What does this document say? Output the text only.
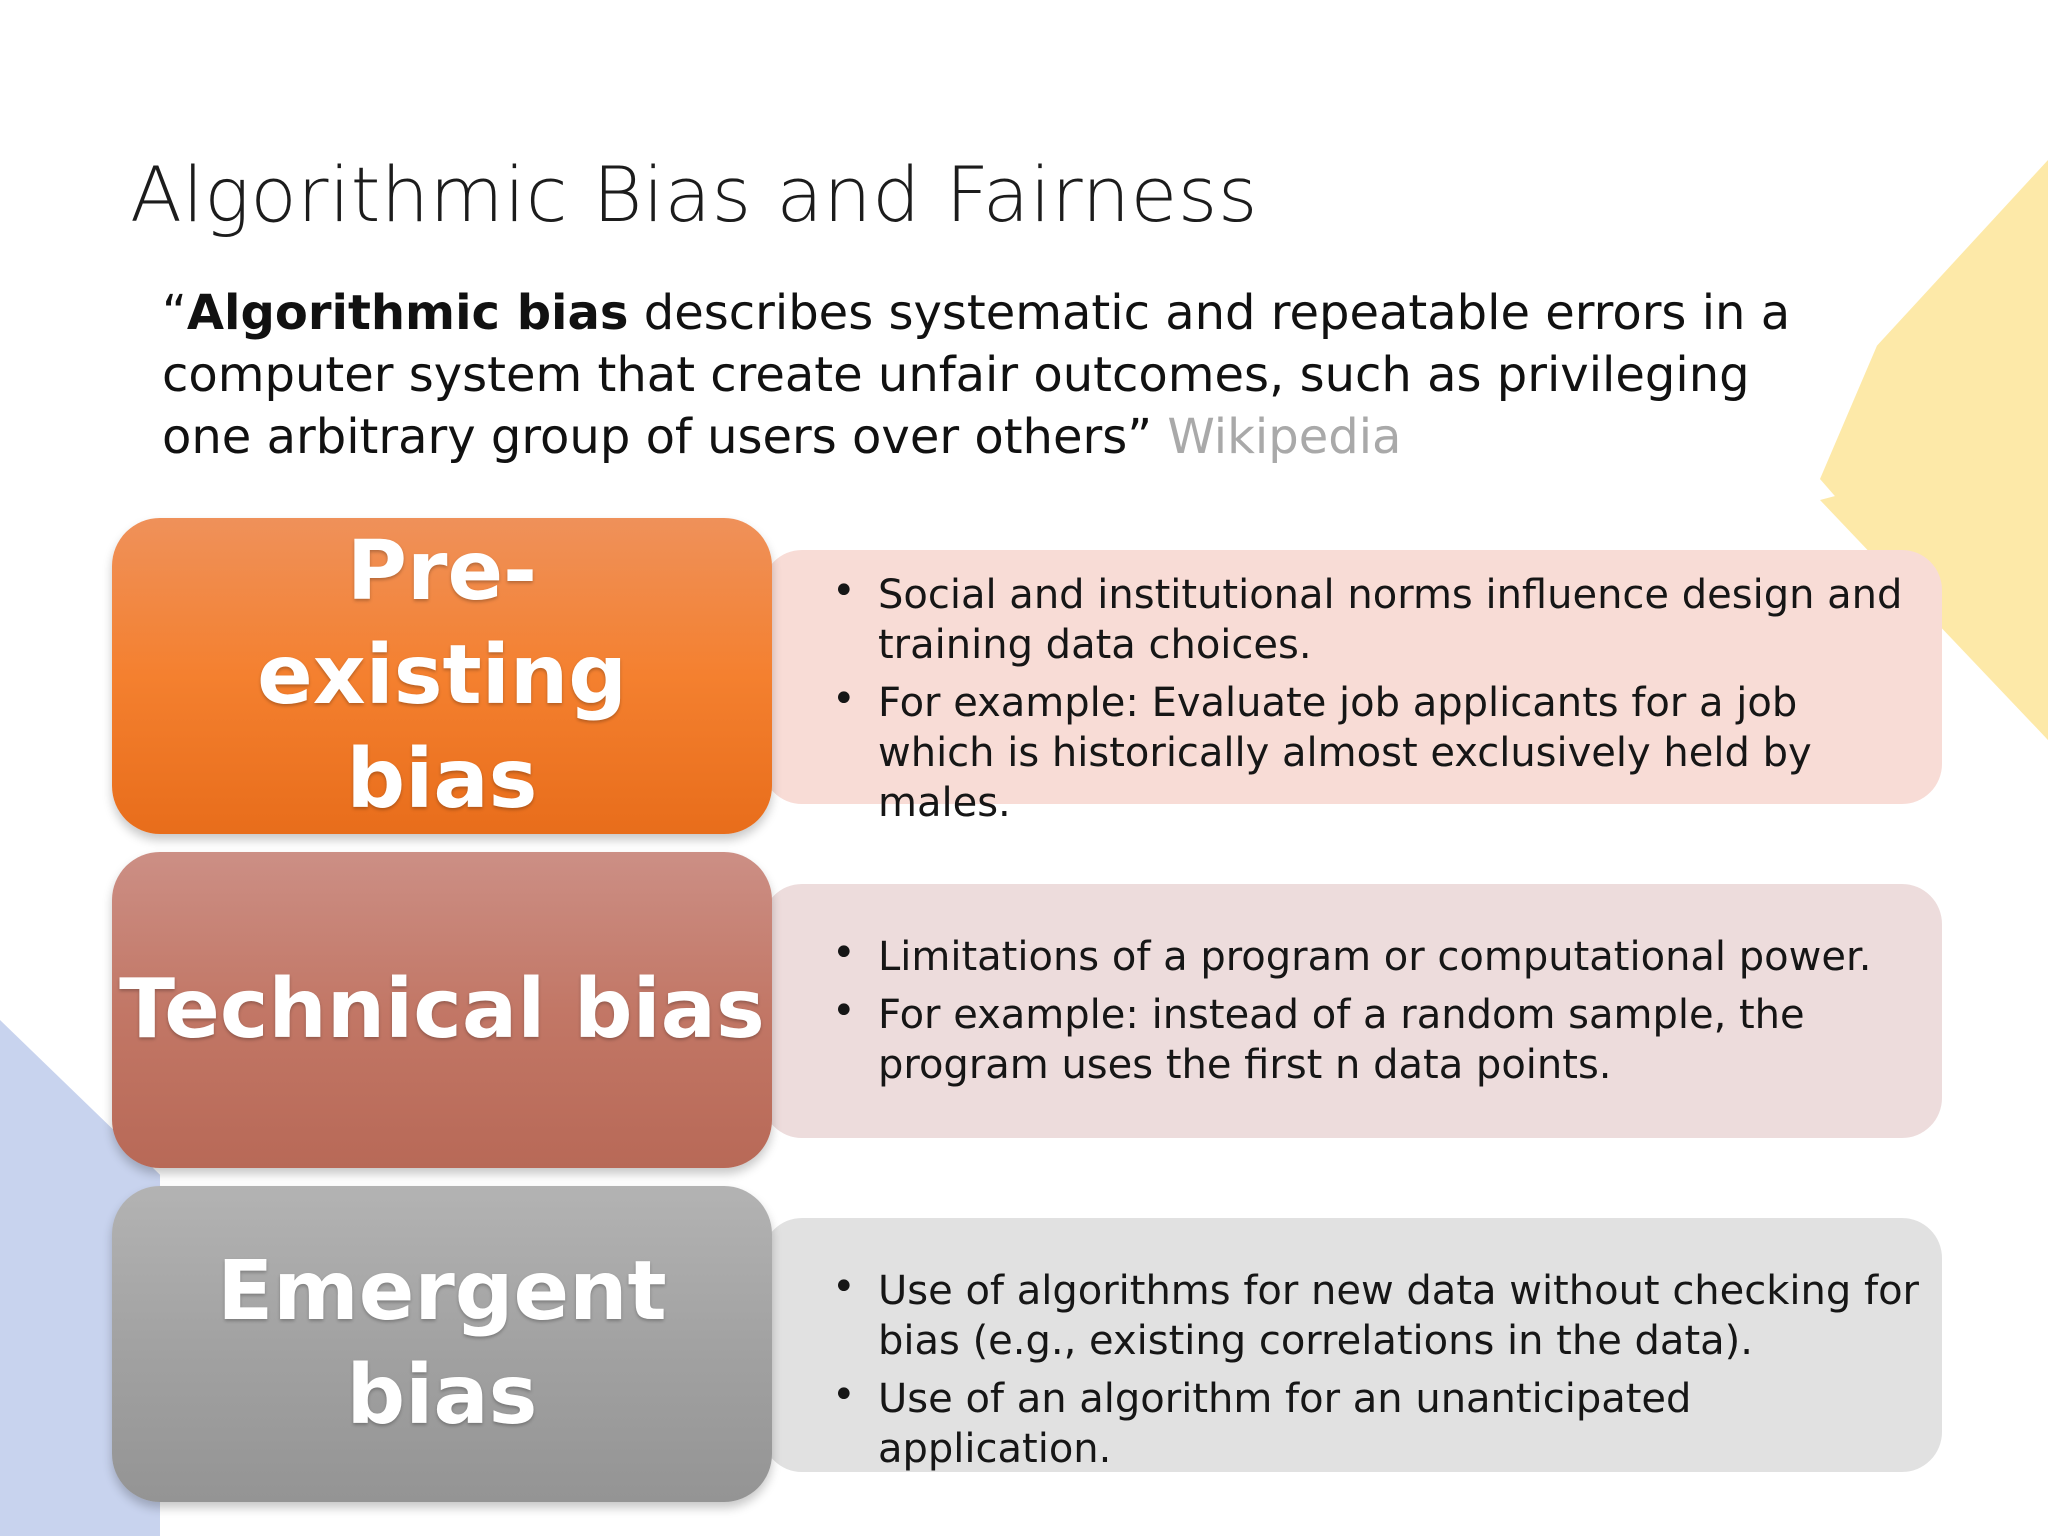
Algorithmic Bias and Fairness
“Algorithmic bias describes systematic and repeatable errors in a computer system that create unfair outcomes, such as privileging one arbitrary group of users over others” Wikipedia
Pre-existing bias
• Social and institutional norms influence design and training data choices.
• For example: Evaluate job applicants for a job which is historically almost exclusively held by males.
Technical bias
• Limitations of a program or computational power.
• For example: instead of a random sample, the program uses the first n data points.
Emergent bias
• Use of algorithms for new data without checking for bias (e.g., existing correlations in the data).
• Use of an algorithm for an unanticipated application.
